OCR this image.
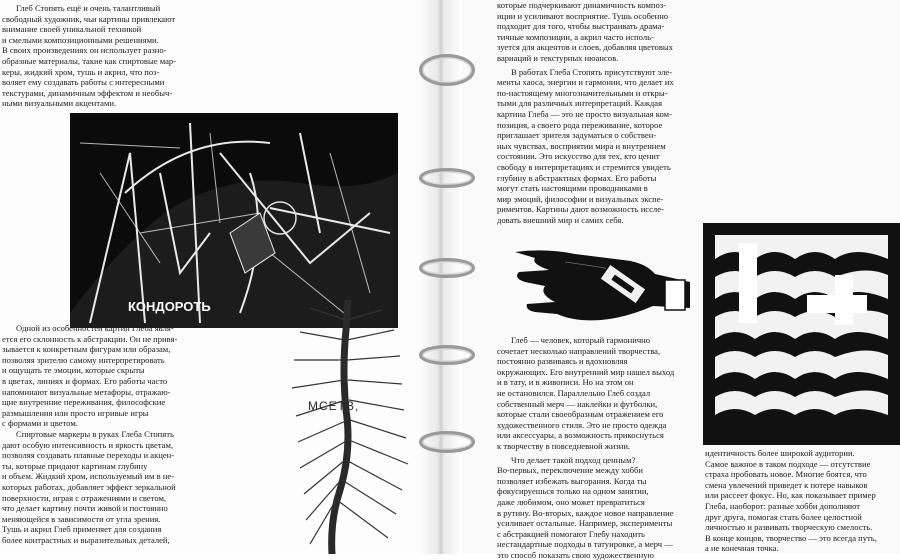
Глеб Стопять ещё и очень талантливый

свободный художник, чьи картины привлекают

внимание своей уникальной техникой

и смелыми композиционными решениями.

В своих произведениях он использует разно-

образные материалы, такие как спиртовые мар-

керы, жидкий хром, тушь и акрил, что поз-

воляет ему создавать работы с интересными

текстурами, динамичным эффектом и необыч-

ными визуальными акцентами.

КОНДОРОТЬ
МСЕТВ,

Одной из особенностей картин Глеба явля-

ется его склонность к абстракции. Он не привя-

зывается к конкретным фигурам или образам,

позволяя зрителю самому интерпретировать

и ощущать те эмоции, которые скрыты

в цветах, линиях и формах. Его работы часто

напоминают визуальные метафоры, отражаю-

щие внутренние переживания, философские

размышления или просто игривые игры

с формами и цветом.

Спиртовые маркеры в руках Глеба Стопять

дают особую интенсивность и яркость цветам,

позволяя создавать плавные переходы и акцен-

ты, которые придают картинам глубину

и объем. Жидкий хром, используемый им в не-

которых работах, добавляет эффект зеркальной

поверхности, играя с отражениями и светом,

что делает картину почти живой и постоянно

меняющейся в зависимости от угла зрения.

Тушь и акрил Глеб применяет для создания

более контрастных и выразительных деталей,

которые подчеркивают динамичность композ-

иции и усиливают восприятие. Тушь особенно

подходит для того, чтобы выстраивать драма-

тичные композиции, а акрил часто исполь-

зуется для акцентов и слоев, добавляя цветовых

вариаций и текстурных нюансов.

В работах Глеба Стопять присутствуют эле-

менты хаоса, энергии и гармонии, что делает их

по-настоящему многозначительными и откры-

тыми для различных интерпретаций. Каждая

картина Глеба — это не просто визуальная ком-

позиция, а своего рода переживание, которое

приглашает зрителя задуматься о собствен-

ных чувствах, восприятии мира и внутреннем

состоянии. Это искусство для тех, кто ценит

свободу в интерпретациях и стремится увидеть

глубину в абстрактных формах. Его работы

могут стать настоящими проводниками в

мир эмоций, философии и визуальных экспе-

риментов. Картины дают возможность иссле-

довать внешний мир и самих себя.

Глеб — человек, который гармонично

сочетает несколько направлений творчества,

постоянно развиваясь и вдохновляя

окружающих. Его внутренний мир нашел выход

и в тату, и в живописи. Но на этом он

не остановился. Параллельно Глеб создал

собственный мерч — наклейки и футболки,

которые стали своеобразным отражением его

художественного стиля. Это не просто одежда

или аксессуары, а возможность прикоснуться

к творчеству в повседневной жизни.

Что делает такой подход ценным?

Во-первых, переключение между хобби

позволяет избежать выгорания. Когда ты

фокусируешься только на одном занятии,

даже любимом, оно может превратиться

в рутину. Во-вторых, каждое новое направление

усиливает остальные. Например, эксперименты

с абстракцией помогают Глебу находить

нестандартные подходы в татуировке, а мерч —

это способ показать свою художественную

идентичность более широкой аудитории.

Самое важное в таком подходе — отсутствие

страха пробовать новое. Многие боятся, что

смена увлечений приведет к потере навыков

или рассеет фокус. Но, как показывает пример

Глеба, наоборот: разные хобби дополняют

друг друга, помогая стать более целостной

личностью и развивать творческую смелость.

В конце концов, творчество — это всегда путь,

а не конечная точка.
